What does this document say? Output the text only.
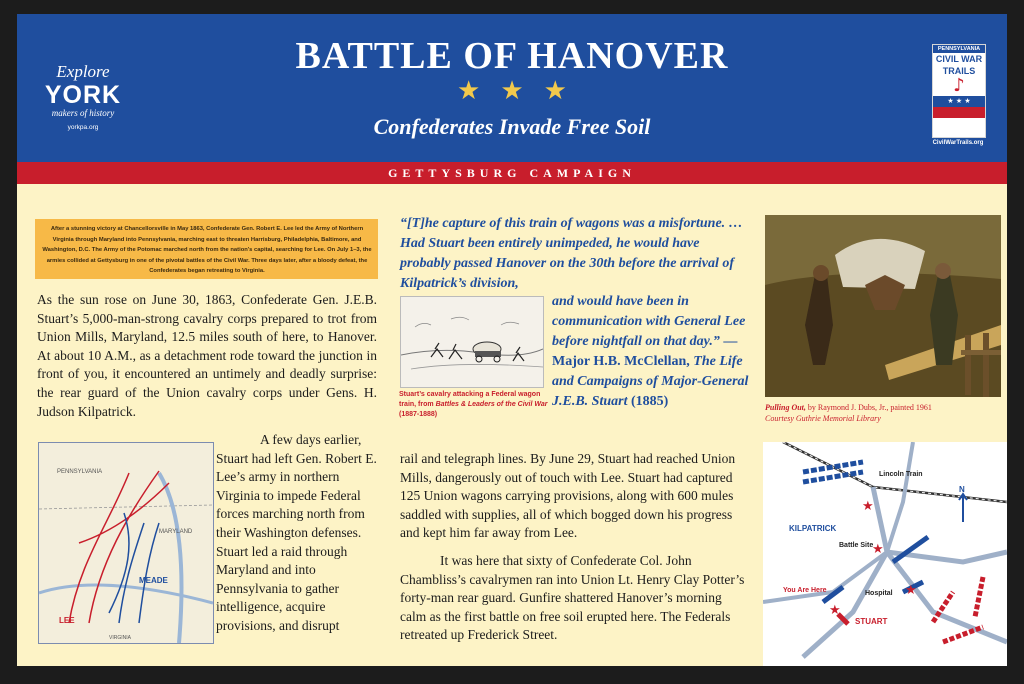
Explore
YORK
makers of history
yorkpa.org
BATTLE OF HANOVER
★ ★ ★
Confederates Invade Free Soil
PENNSYLVANIA
CIVIL WAR
TRAILS
♪
★ ★ ★
CivilWarTrails.org
GETTYSBURG CAMPAIGN
After a stunning victory at Chancellorsville in May 1863, Confederate Gen. Robert E. Lee led the Army of Northern Virginia through Maryland into Pennsylvania, marching east to threaten Harrisburg, Philadelphia, Baltimore, and Washington, D.C. The Army of the Potomac marched north from the nation's capital, searching for Lee. On July 1–3, the armies collided at Gettysburg in one of the pivotal battles of the Civil War. Three days later, after a bloody defeat, the Confederates began retreating to Virginia.

As the sun rose on June 30, 1863, Confederate Gen. J.E.B. Stuart’s 5,000-man-strong cavalry corps prepared to trot from Union Mills, Maryland, 12.5 miles south of here, to Hanover. At about 10 A.M., as a detachment rode toward the junction in front of you, it encountered an untimely and deadly surprise: the rear guard of the Union cavalry corps under Gens. H. Judson Kilpatrick.

A few days earlier, Stuart had left Gen. Robert E. Lee’s army in northern Virginia to impede Federal forces marching north from their Washington defenses. Stuart led a raid through Maryland and into Pennsylvania to gather intelligence, acquire provisions, and disrupt

rail and telegraph lines. By June 29, Stuart had reached Union Mills, dangerously out of touch with Lee. Stuart had captured 125 Union wagons carrying provisions, along with 600 mules saddled with supplies, all of which bogged down his progress and kept him far away from Lee.

It was here that sixty of Confederate Col. John Chambliss’s cavalrymen ran into Union Lt. Henry Clay Potter’s forty-man rear guard. Gunfire shattered Hanover’s morning calm as the first battle on free soil erupted here. The Federals retreated up Frederick Street.

“[T]he capture of this train of wagons was a misfortune. … Had Stuart been entirely unimpeded, he would have probably passed Hanover on the 30th before the arrival of Kilpatrick’s division,

and would have been in communication with General Lee before nightfall on that day.” —Major H.B. McClellan, The Life and Campaigns of Major-General J.E.B. Stuart (1885)

Stuart’s cavalry attacking a Federal wagon train, from Battles & Leaders of the Civil War (1887-1888)

Pulling Out, by Raymond J. Dubs, Jr., painted 1961
Courtesy Guthrie Memorial Library

PENNSYLVANIA
MARYLAND
MEADE
LEE
VIRGINIA
★
★
★
★
Lincoln Train
KILPATRICK
Battle Site
Hospital
You Are Here
STUART
N
